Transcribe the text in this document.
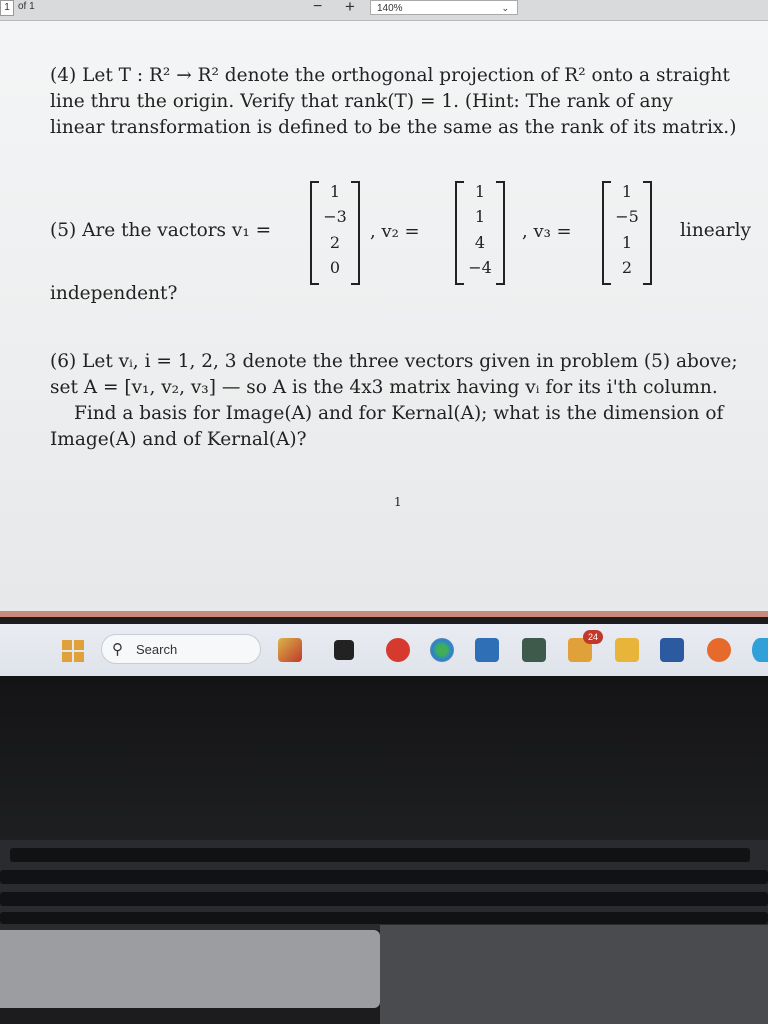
1 of 1	− +	140%	⌄
(4) Let T : R² → R² denote the orthogonal projection of R² onto a straight
line thru the origin. Verify that rank(T) = 1. (Hint: The rank of any
linear transformation is defined to be the same as the rank of its matrix.)
(5) Are the vactors v₁ =
1
−3
2
0
, v₂ =
1
1
4
−4
, v₃ =
1
−5
1
2
linearly
independent?
(6) Let vᵢ, i = 1, 2, 3 denote the three vectors given in problem (5) above;
set A = [v₁, v₂, v₃] — so A is the 4x3 matrix having vᵢ for its i'th column.
Find a basis for Image(A) and for Kernal(A); what is the dimension of
Image(A) and of Kernal(A)?
1
⚲ Search
24
